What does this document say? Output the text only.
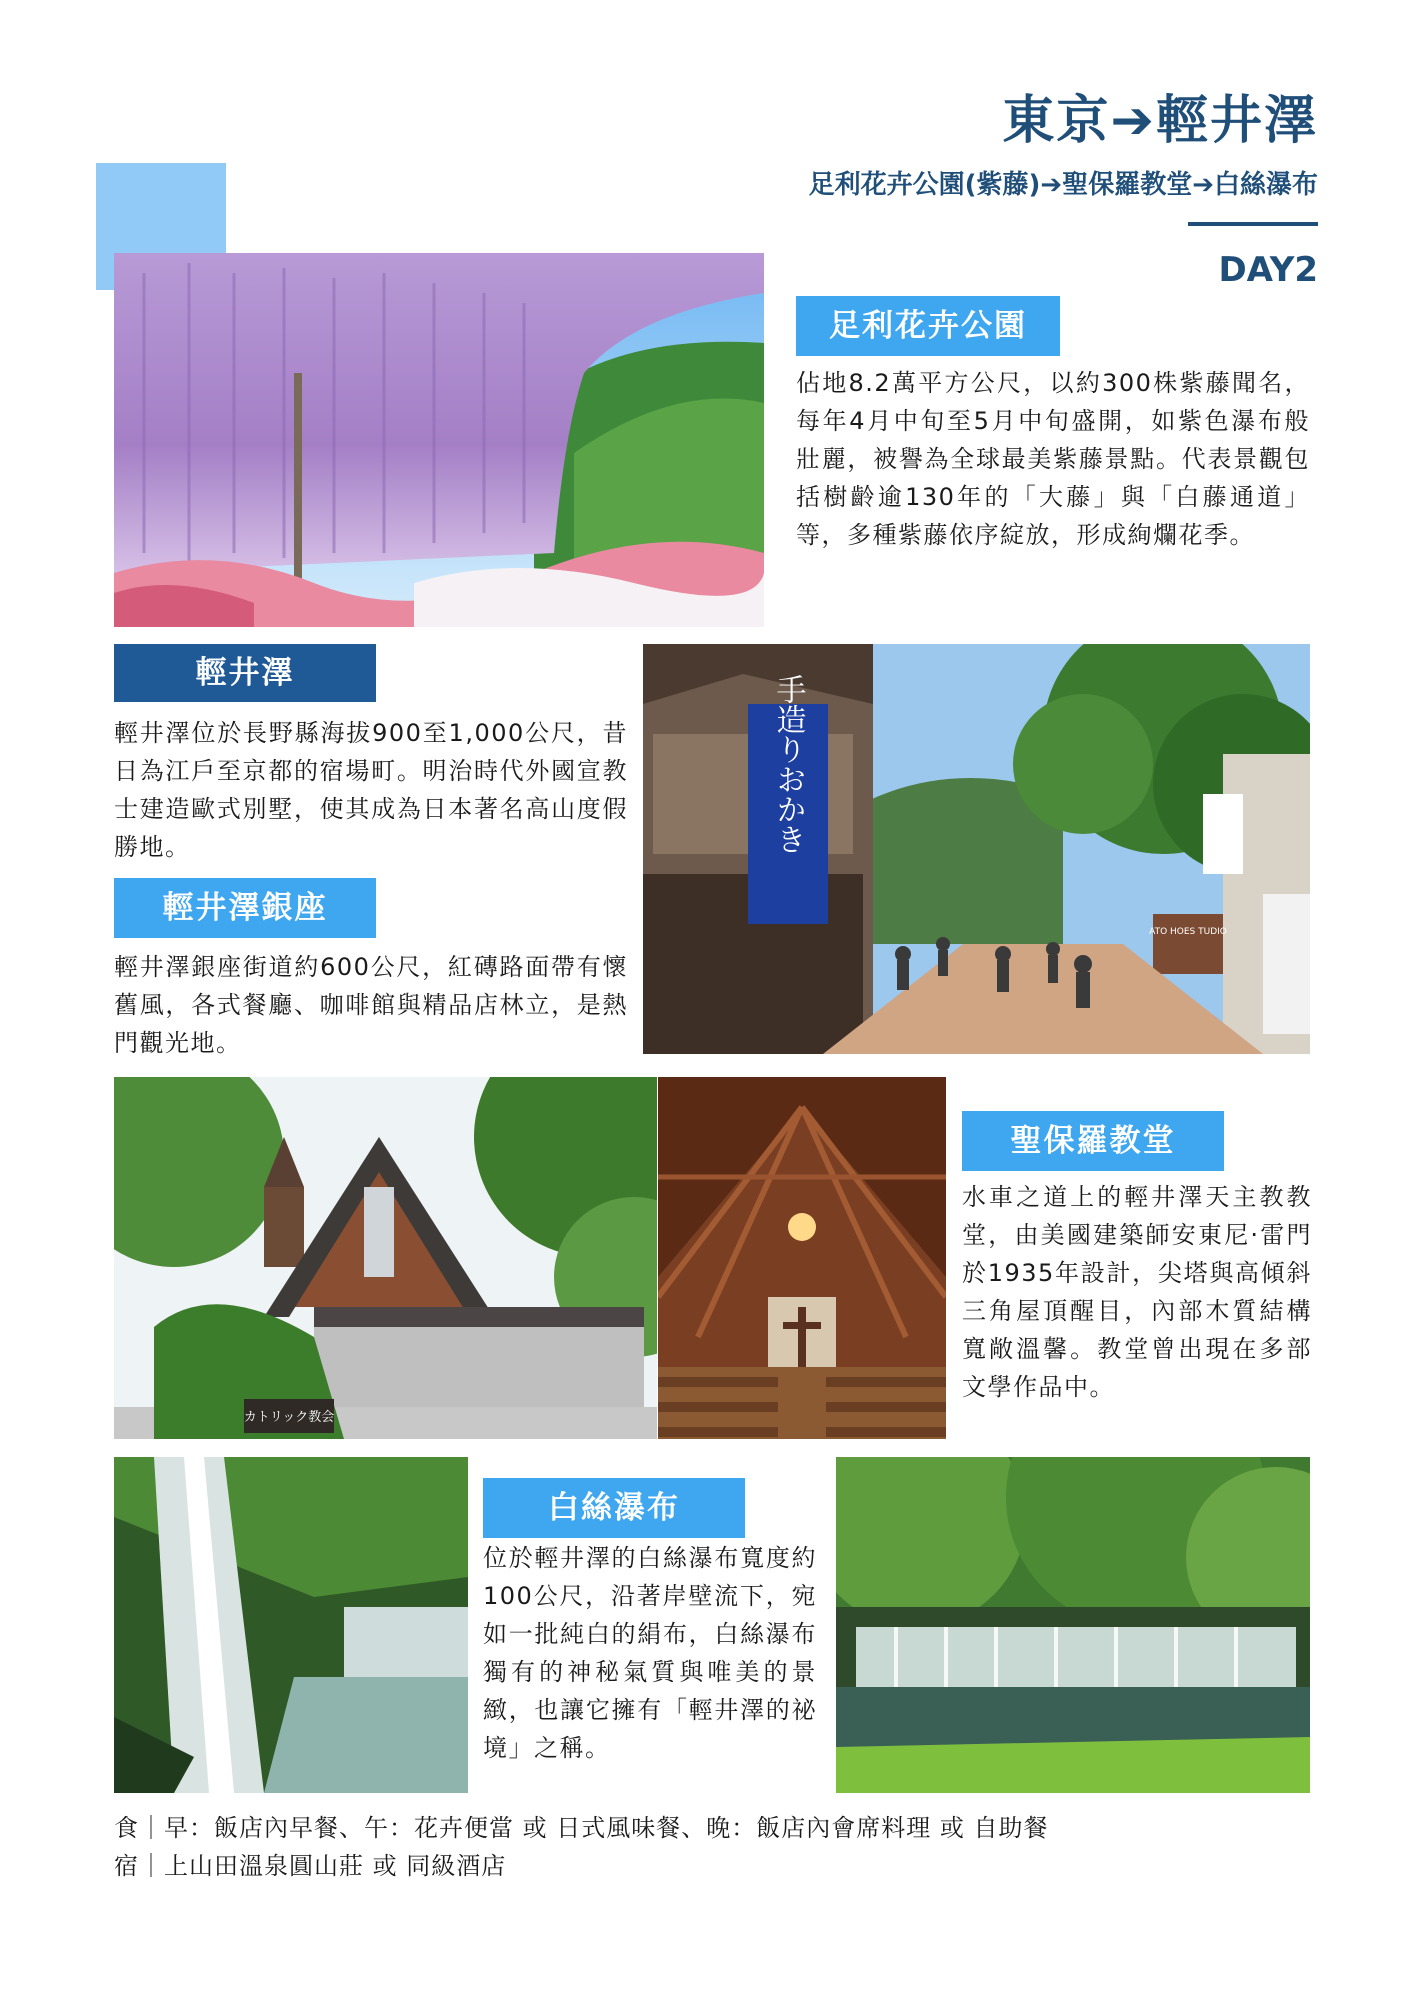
東京➔輕井澤
足利花卉公園(紫藤)➔聖保羅教堂➔白絲瀑布
DAY2
足利花卉公園
佔地8.2萬平方公尺，以約300株紫藤聞名，每年4月中旬至5月中旬盛開，如紫色瀑布般壯麗，被譽為全球最美紫藤景點。代表景觀包括樹齡逾130年的「大藤」與「白藤通道」等，多種紫藤依序綻放，形成絢爛花季。
輕井澤
輕井澤位於長野縣海拔900至1,000公尺，昔日為江戶至京都的宿場町。明治時代外國宣教士建造歐式別墅，使其成為日本著名高山度假勝地。
輕井澤銀座
輕井澤銀座街道約600公尺，紅磚路面帶有懷舊風，各式餐廳、咖啡館與精品店林立，是熱門觀光地。
手造りおかき
ATO HOES TUDIO
カトリック教会
聖保羅教堂
水車之道上的輕井澤天主教教堂，由美國建築師安東尼·雷門於1935年設計，尖塔與高傾斜三角屋頂醒目，內部木質結構寬敞溫馨。教堂曾出現在多部文學作品中。
白絲瀑布
位於輕井澤的白絲瀑布寬度約100公尺，沿著岸壁流下，宛如一批純白的絹布，白絲瀑布獨有的神秘氣質與唯美的景緻，也讓它擁有「輕井澤的祕境」之稱。
食｜早：飯店內早餐、午：花卉便當 或 日式風味餐、晚：飯店內會席料理 或 自助餐
宿｜上山田溫泉圓山莊 或 同級酒店
